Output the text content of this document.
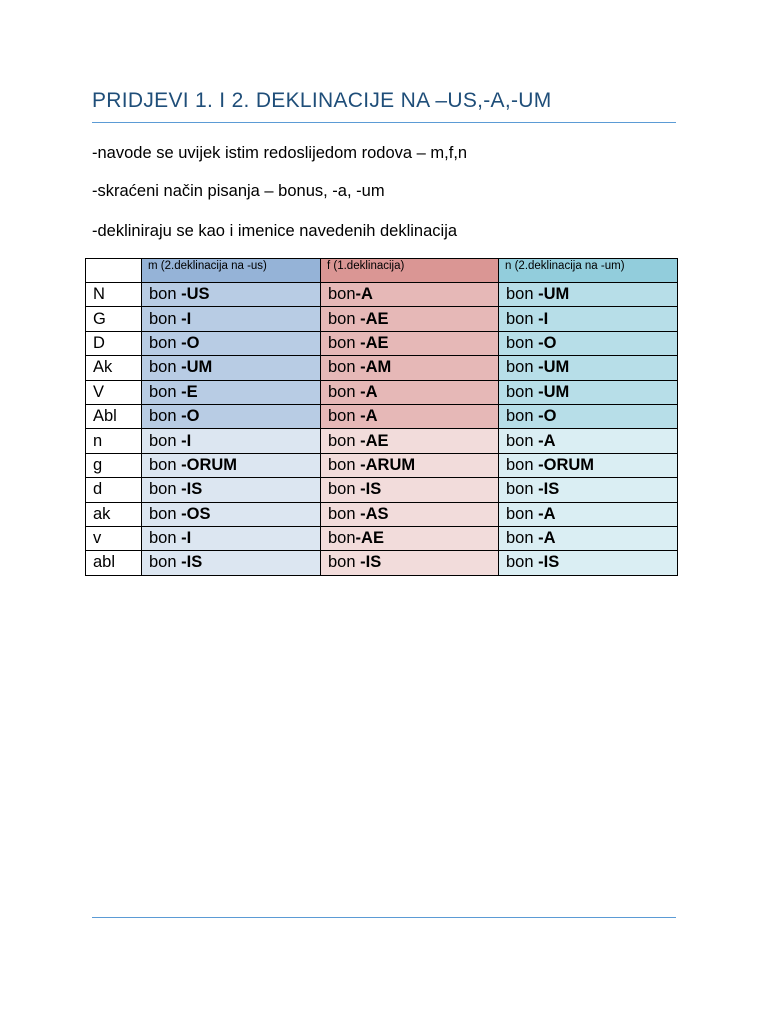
PRIDJEVI 1. I 2. DEKLINACIJE NA –US,-A,-UM
-navode se uvijek istim redoslijedom rodova – m,f,n
-skraćeni način pisanja – bonus, -a, -um
-dekliniraju se kao i imenice navedenih deklinacija
	m (2.deklinacija na -us)	f (1.deklinacija)	n (2.deklinacija na -um)
N	bon -US	bon-A	bon -UM
G	bon -I	bon -AE	bon -I
D	bon -O	bon -AE	bon -O
Ak	bon -UM	bon -AM	bon -UM
V	bon -E	bon -A	bon -UM
Abl	bon -O	bon -A	bon -O
n	bon -I	bon -AE	bon -A
g	bon -ORUM	bon -ARUM	bon -ORUM
d	bon -IS	bon -IS	bon -IS
ak	bon -OS	bon -AS	bon -A
v	bon -I	bon-AE	bon -A
abl	bon -IS	bon -IS	bon -IS
